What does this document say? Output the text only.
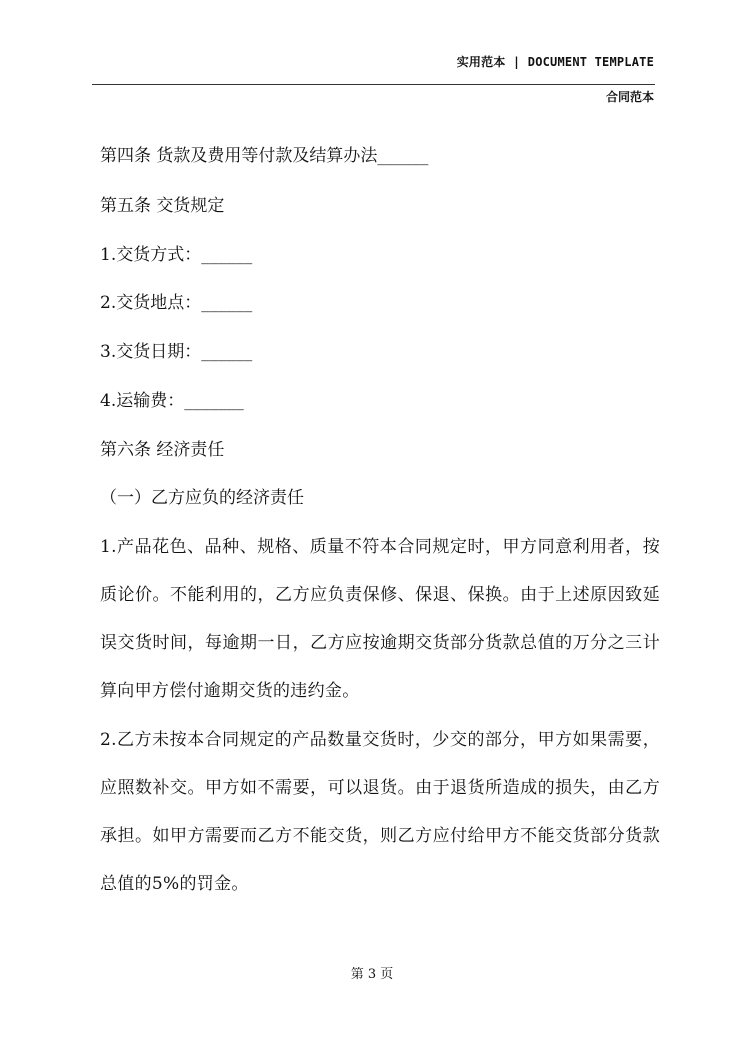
实用范本 | DOCUMENT TEMPLATE
合同范本
第四条 货款及费用等付款及结算办法______
第五条 交货规定
1.交货方式：______
2.交货地点：______
3.交货日期：______
4.运输费：_______
第六条 经济责任
（一）乙方应负的经济责任
1.产品花色、品种、规格、质量不符本合同规定时，甲方同意利用者，按质论价。不能利用的，乙方应负责保修、保退、保换。由于上述原因致延误交货时间，每逾期一日，乙方应按逾期交货部分货款总值的万分之三计算向甲方偿付逾期交货的违约金。
2.乙方未按本合同规定的产品数量交货时，少交的部分，甲方如果需要，应照数补交。甲方如不需要，可以退货。由于退货所造成的损失，由乙方承担。如甲方需要而乙方不能交货，则乙方应付给甲方不能交货部分货款总值的5%的罚金。
第 3 页
